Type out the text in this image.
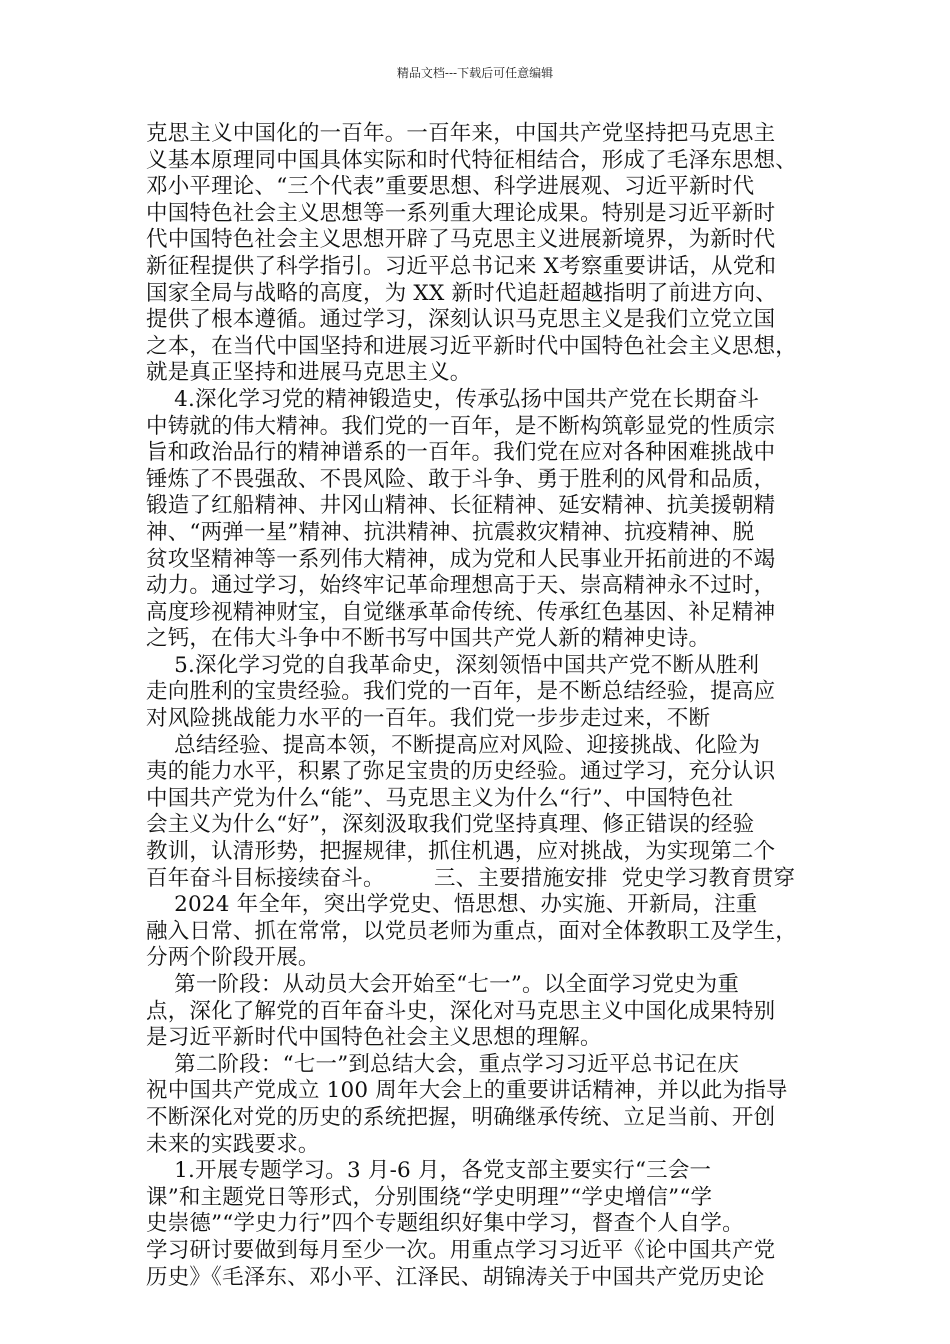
精品文档---下载后可任意编辑
克思主义中国化的一百年。一百年来，中国共产党坚持把马克思主
义基本原理同中国具体实际和时代特征相结合，形成了毛泽东思想、
邓小平理论、“三个代表”重要思想、科学进展观、习近平新时代
中国特色社会主义思想等一系列重大理论成果。特别是习近平新时
代中国特色社会主义思想开辟了马克思主义进展新境界，为新时代
新征程提供了科学指引。习近平总书记来 X考察重要讲话，从党和
国家全局与战略的高度，为 XX 新时代追赶超越指明了前进方向、
提供了根本遵循。通过学习，深刻认识马克思主义是我们立党立国
之本，在当代中国坚持和进展习近平新时代中国特色社会主义思想，
就是真正坚持和进展马克思主义。
4.深化学习党的精神锻造史，传承弘扬中国共产党在长期奋斗
中铸就的伟大精神。我们党的一百年，是不断构筑彰显党的性质宗
旨和政治品行的精神谱系的一百年。我们党在应对各种困难挑战中
锤炼了不畏强敌、不畏风险、敢于斗争、勇于胜利的风骨和品质，
锻造了红船精神、井冈山精神、长征精神、延安精神、抗美援朝精
神、“两弹一星”精神、抗洪精神、抗震救灾精神、抗疫精神、脱
贫攻坚精神等一系列伟大精神，成为党和人民事业开拓前进的不竭
动力。通过学习，始终牢记革命理想高于天、崇高精神永不过时，
高度珍视精神财宝，自觉继承革命传统、传承红色基因、补足精神
之钙，在伟大斗争中不断书写中国共产党人新的精神史诗。
5.深化学习党的自我革命史，深刻领悟中国共产党不断从胜利
走向胜利的宝贵经验。我们党的一百年，是不断总结经验，提高应
对风险挑战能力水平的一百年。我们党一步步走过来，不断
总结经验、提高本领，不断提高应对风险、迎接挑战、化险为
夷的能力水平，积累了弥足宝贵的历史经验。通过学习，充分认识
中国共产党为什么“能”、马克思主义为什么“行”、中国特色社
会主义为什么“好”，深刻汲取我们党坚持真理、修正错误的经验
教训，认清形势，把握规律，抓住机遇，应对挑战，为实现第二个
百年奋斗目标接续奋斗。       三、主要措施安排  党史学习教育贯穿
2024 年全年，突出学党史、悟思想、办实施、开新局，注重
融入日常、抓在常常，以党员老师为重点，面对全体教职工及学生，
分两个阶段开展。
第一阶段：从动员大会开始至“七一”。以全面学习党史为重
点，深化了解党的百年奋斗史，深化对马克思主义中国化成果特别
是习近平新时代中国特色社会主义思想的理解。
第二阶段：“七一”到总结大会，重点学习习近平总书记在庆
祝中国共产党成立 100 周年大会上的重要讲话精神，并以此为指导
不断深化对党的历史的系统把握，明确继承传统、立足当前、开创
未来的实践要求。
1.开展专题学习。3 月-6 月，各党支部主要实行“三会一
课”和主题党日等形式，分别围绕“学史明理”“学史增信”“学
史崇德”“学史力行”四个专题组织好集中学习，督查个人自学。
学习研讨要做到每月至少一次。用重点学习习近平《论中国共产党
历史》《毛泽东、邓小平、江泽民、胡锦涛关于中国共产党历史论
